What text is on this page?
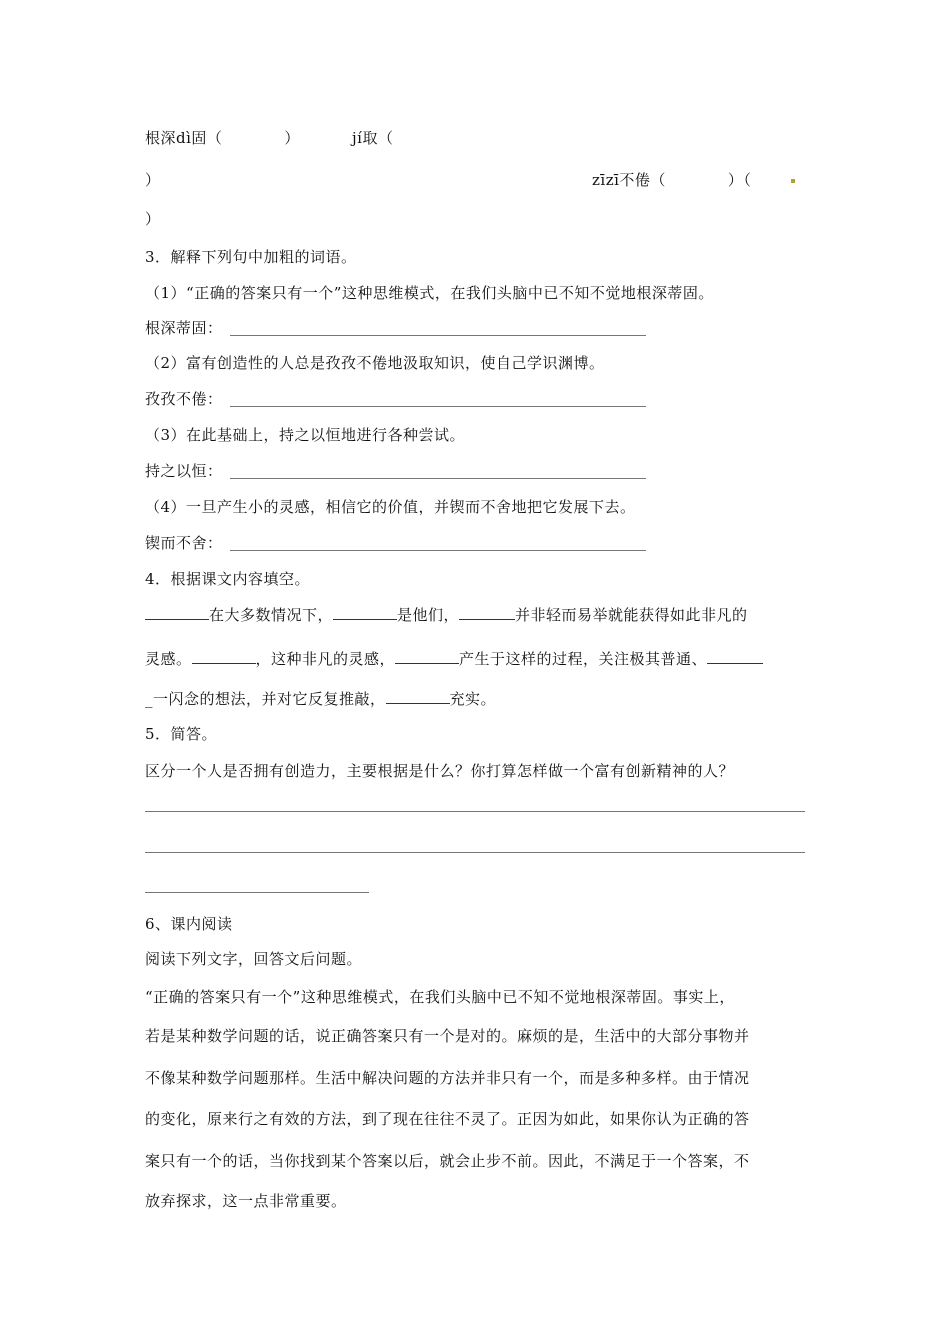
根深dì固（　　　　）	jí取（
）	zīzī不倦（　　　　）（
）
3．解释下列句中加粗的词语。
（1）“正确的答案只有一个”这种思维模式，在我们头脑中已不知不觉地根深蒂固。
根深蒂固：
（2）富有创造性的人总是孜孜不倦地汲取知识，使自己学识渊博。
孜孜不倦：
（3）在此基础上，持之以恒地进行各种尝试。
持之以恒：
（4）一旦产生小的灵感，相信它的价值，并锲而不舍地把它发展下去。
锲而不舍：
4．根据课文内容填空。
在大多数情况下，	是他们，	并非轻而易举就能获得如此非凡的
灵感。	，这种非凡的灵感，	产生于这样的过程，关注极其普通、
_一闪念的想法，并对它反复推敲，	充实。
5．简答。
区分一个人是否拥有创造力，主要根据是什么？你打算怎样做一个富有创新精神的人？
6、课内阅读
阅读下列文字，回答文后问题。
“正确的答案只有一个”这种思维模式，在我们头脑中已不知不觉地根深蒂固。事实上，
若是某种数学问题的话，说正确答案只有一个是对的。麻烦的是，生活中的大部分事物并
不像某种数学问题那样。生活中解决问题的方法并非只有一个，而是多种多样。由于情况
的变化，原来行之有效的方法，到了现在往往不灵了。正因为如此，如果你认为正确的答
案只有一个的话，当你找到某个答案以后，就会止步不前。因此，不满足于一个答案，不
放弃探求，这一点非常重要。
